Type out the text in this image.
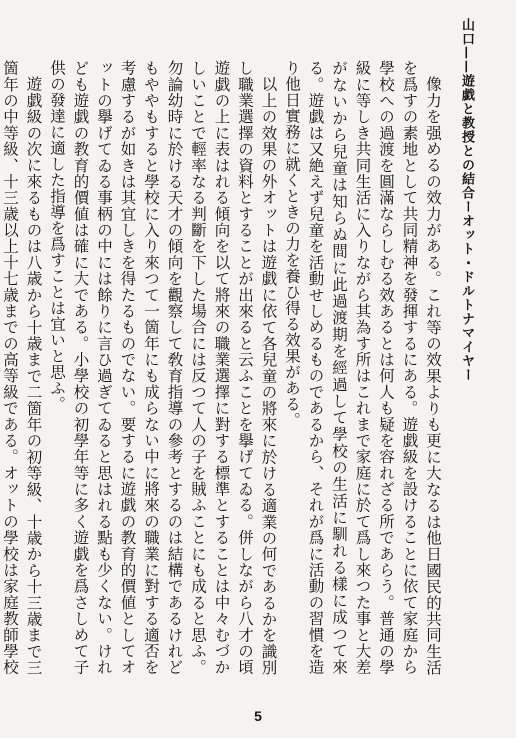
山口——遊戯と教授との結合ーオット・ドルトナマイヤー

像力を强めるの效力がある。これ等の效果よりも更に大なるは他日國民的共同生活を爲すの素地として共同精神を發揮するにある。遊戯級を設けることに依て家庭から學校への過渡を圓滿ならしむる效あるとは何人も疑を容れざる所であらう。普通の學級に等しき共同生活に入りながら其為す所はこれまで家庭に於て爲し來つた事と大差がないから兒童は知らぬ間に此過渡期を經過して學校の生活に馴れる樣に成つて來る。遊戯は又絶えず兒童を活動せしめるものであるから、それが爲に活動の習慣を造り他日實務に就くときの力を養ひ得る效果がある。

以上の效果の外オットは遊戯に依て各兒童の將來に於ける適業の何であるかを識別し職業選擇の資料とすることが出來ると云ふことを擧げてゐる。併しながら八才の頃遊戯の上に表はれる傾向を以て將來の職業選擇に對する標準とすることは中々むづかしいことで輕率なる判斷を下した場合には反つて人の子を賊ふことにも成ると思ふ。勿論幼時に於ける天才の傾向を觀察して敎育指導の參考とするのは結構であるけれどもややもすると學校に入り來つて一箇年にも成らない中に將來の職業に對する適否を考慮するが如きは其宜しきを得たるものでない。要するに遊戯の教育的價値としてオットの擧げてゐる事柄の中には餘りに言ひ過ぎてゐると思はれる點も少くない。けれども遊戯の教育的價値は確に大である。小學校の初學年等に多く遊戯を爲さしめて子供の發達に適した指導を爲すことは宜いと思ふ。

遊戯級の次に來るものは八歳から十歳まで二箇年の初等級、十歳から十三歳まで三箇年の中等級、十三歳以上十七歳までの高等級である。オットの學校は家庭教師學校

5
